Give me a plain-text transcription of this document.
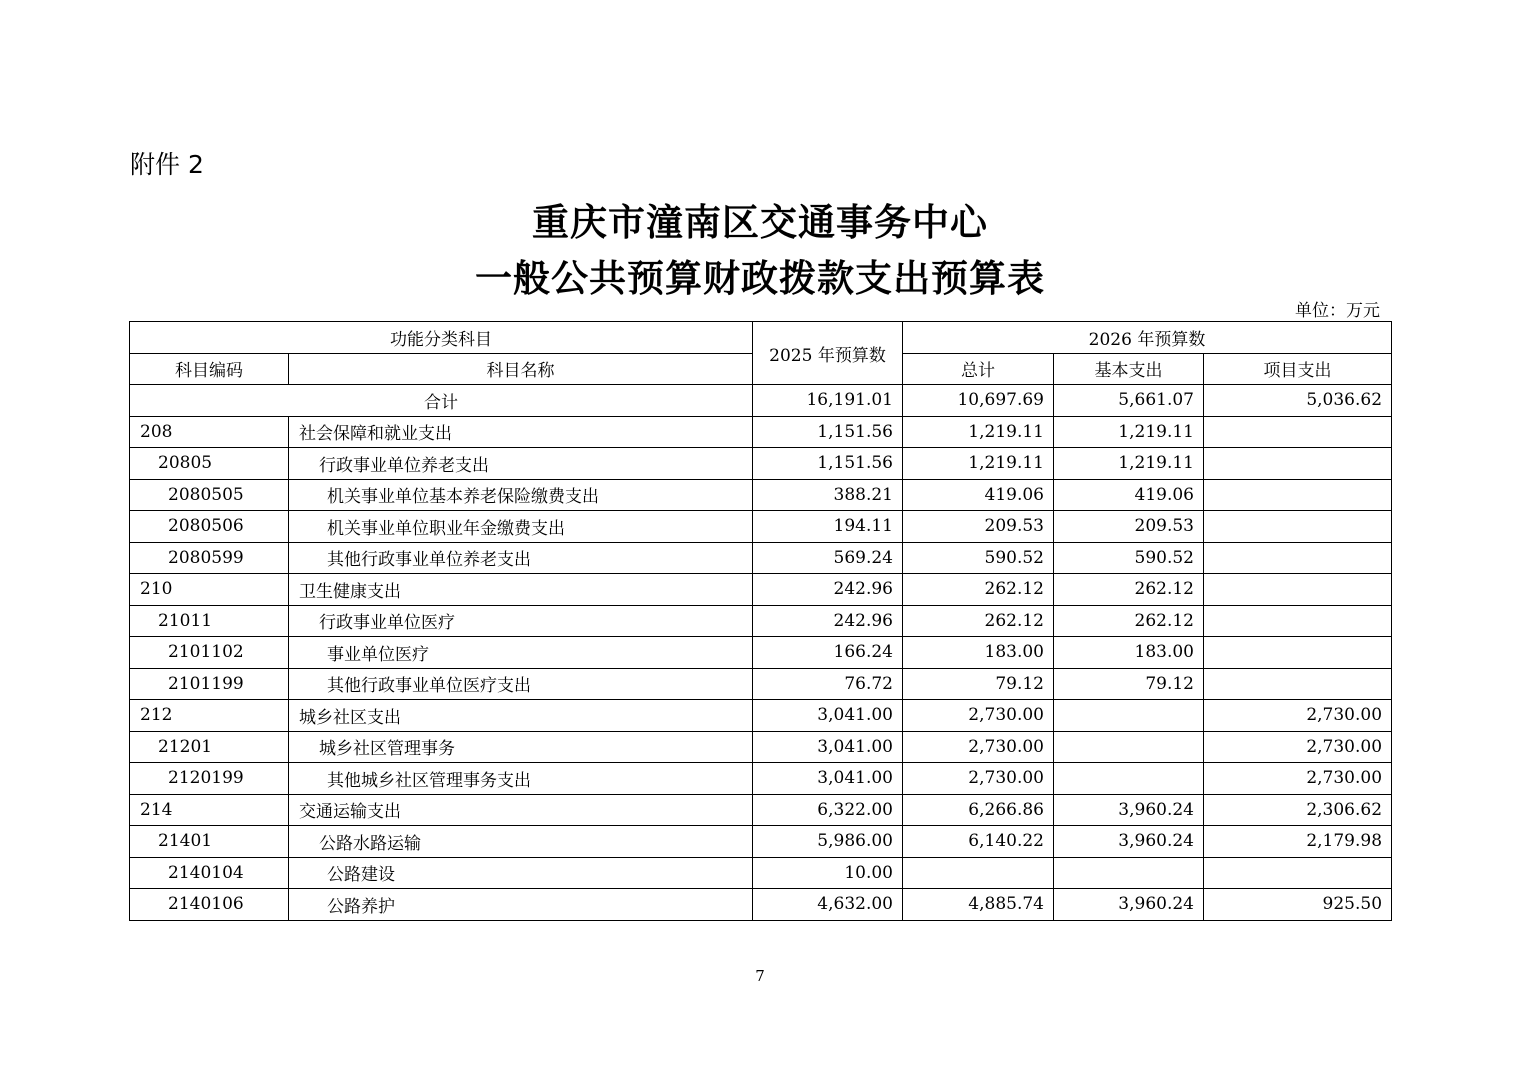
附件 2
重庆市潼南区交通事务中心
一般公共预算财政拨款支出预算表
单位：万元
功能分类科目		2025 年预算数	2026 年预算数		
科目编码	科目名称		总计	基本支出	项目支出
合计		16,191.01	10,697.69	5,661.07	5,036.62
208	社会保障和就业支出	1,151.56	1,219.11	1,219.11	
20805	行政事业单位养老支出	1,151.56	1,219.11	1,219.11	
2080505	机关事业单位基本养老保险缴费支出	388.21	419.06	419.06	
2080506	机关事业单位职业年金缴费支出	194.11	209.53	209.53	
2080599	其他行政事业单位养老支出	569.24	590.52	590.52	
210	卫生健康支出	242.96	262.12	262.12	
21011	行政事业单位医疗	242.96	262.12	262.12	
2101102	事业单位医疗	166.24	183.00	183.00	
2101199	其他行政事业单位医疗支出	76.72	79.12	79.12	
212	城乡社区支出	3,041.00	2,730.00		2,730.00
21201	城乡社区管理事务	3,041.00	2,730.00		2,730.00
2120199	其他城乡社区管理事务支出	3,041.00	2,730.00		2,730.00
214	交通运输支出	6,322.00	6,266.86	3,960.24	2,306.62
21401	公路水路运输	5,986.00	6,140.22	3,960.24	2,179.98
2140104	公路建设	10.00			
2140106	公路养护	4,632.00	4,885.74	3,960.24	925.50
7
